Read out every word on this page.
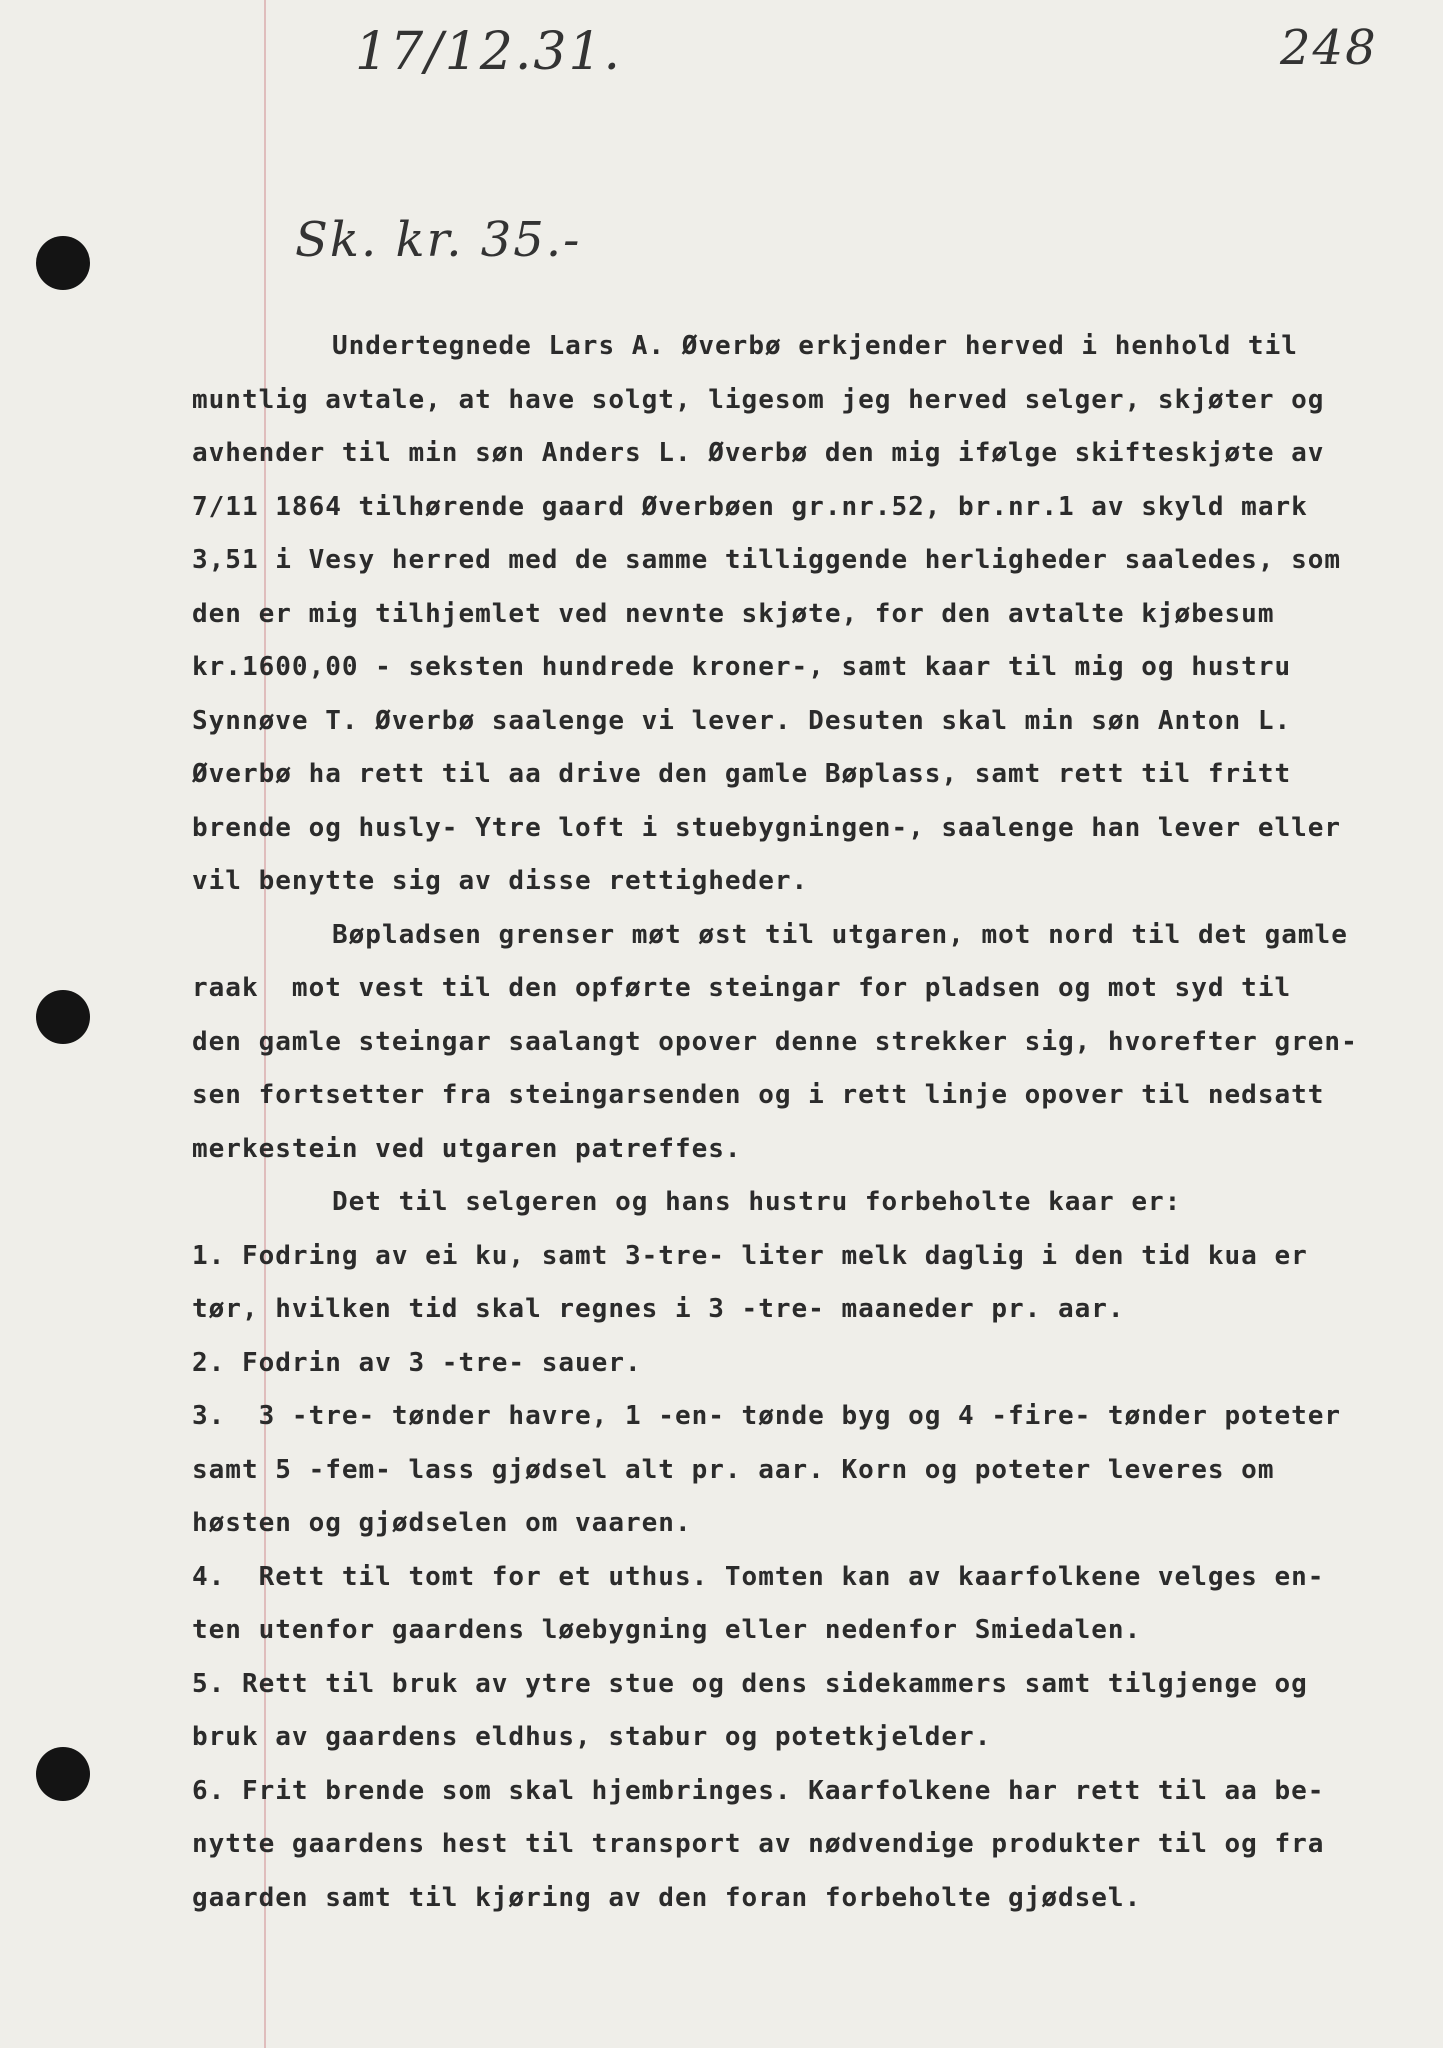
17/12.31.	248
Sk. kr. 35.-
Undertegnede Lars A. Øverbø erkjender herved i henhold til
muntlig avtale, at have solgt, ligesom jeg herved selger, skjøter og
avhender til min søn Anders L. Øverbø den mig ifølge skifteskjøte av
7/11 1864 tilhørende gaard Øverbøen gr.nr.52, br.nr.1 av skyld mark
3,51 i Vesy herred med de samme tilliggende herligheder saaledes, som
den er mig tilhjemlet ved nevnte skjøte, for den avtalte kjøbesum
kr.1600,00 - seksten hundrede kroner-, samt kaar til mig og hustru
Synnøve T. Øverbø saalenge vi lever. Desuten skal min søn Anton L.
Øverbø ha rett til aa drive den gamle Bøplass, samt rett til fritt
brende og husly- Ytre loft i stuebygningen-, saalenge han lever eller
vil benytte sig av disse rettigheder.
Bøpladsen grenser møt øst til utgaren, mot nord til det gamle
raak  mot vest til den opførte steingar for pladsen og mot syd til
den gamle steingar saalangt opover denne strekker sig, hvorefter gren-
sen fortsetter fra steingarsenden og i rett linje opover til nedsatt
merkestein ved utgaren patreffes.
Det til selgeren og hans hustru forbeholte kaar er:
1. Fodring av ei ku, samt 3-tre- liter melk daglig i den tid kua er
tør, hvilken tid skal regnes i 3 -tre- maaneder pr. aar.
2. Fodrin av 3 -tre- sauer.
3.  3 -tre- tønder havre, 1 -en- tønde byg og 4 -fire- tønder poteter
samt 5 -fem- lass gjødsel alt pr. aar. Korn og poteter leveres om
høsten og gjødselen om vaaren.
4.  Rett til tomt for et uthus. Tomten kan av kaarfolkene velges en-
ten utenfor gaardens løebygning eller nedenfor Smiedalen.
5. Rett til bruk av ytre stue og dens sidekammers samt tilgjenge og
bruk av gaardens eldhus, stabur og potetkjelder.
6. Frit brende som skal hjembringes. Kaarfolkene har rett til aa be-
nytte gaardens hest til transport av nødvendige produkter til og fra
gaarden samt til kjøring av den foran forbeholte gjødsel.
